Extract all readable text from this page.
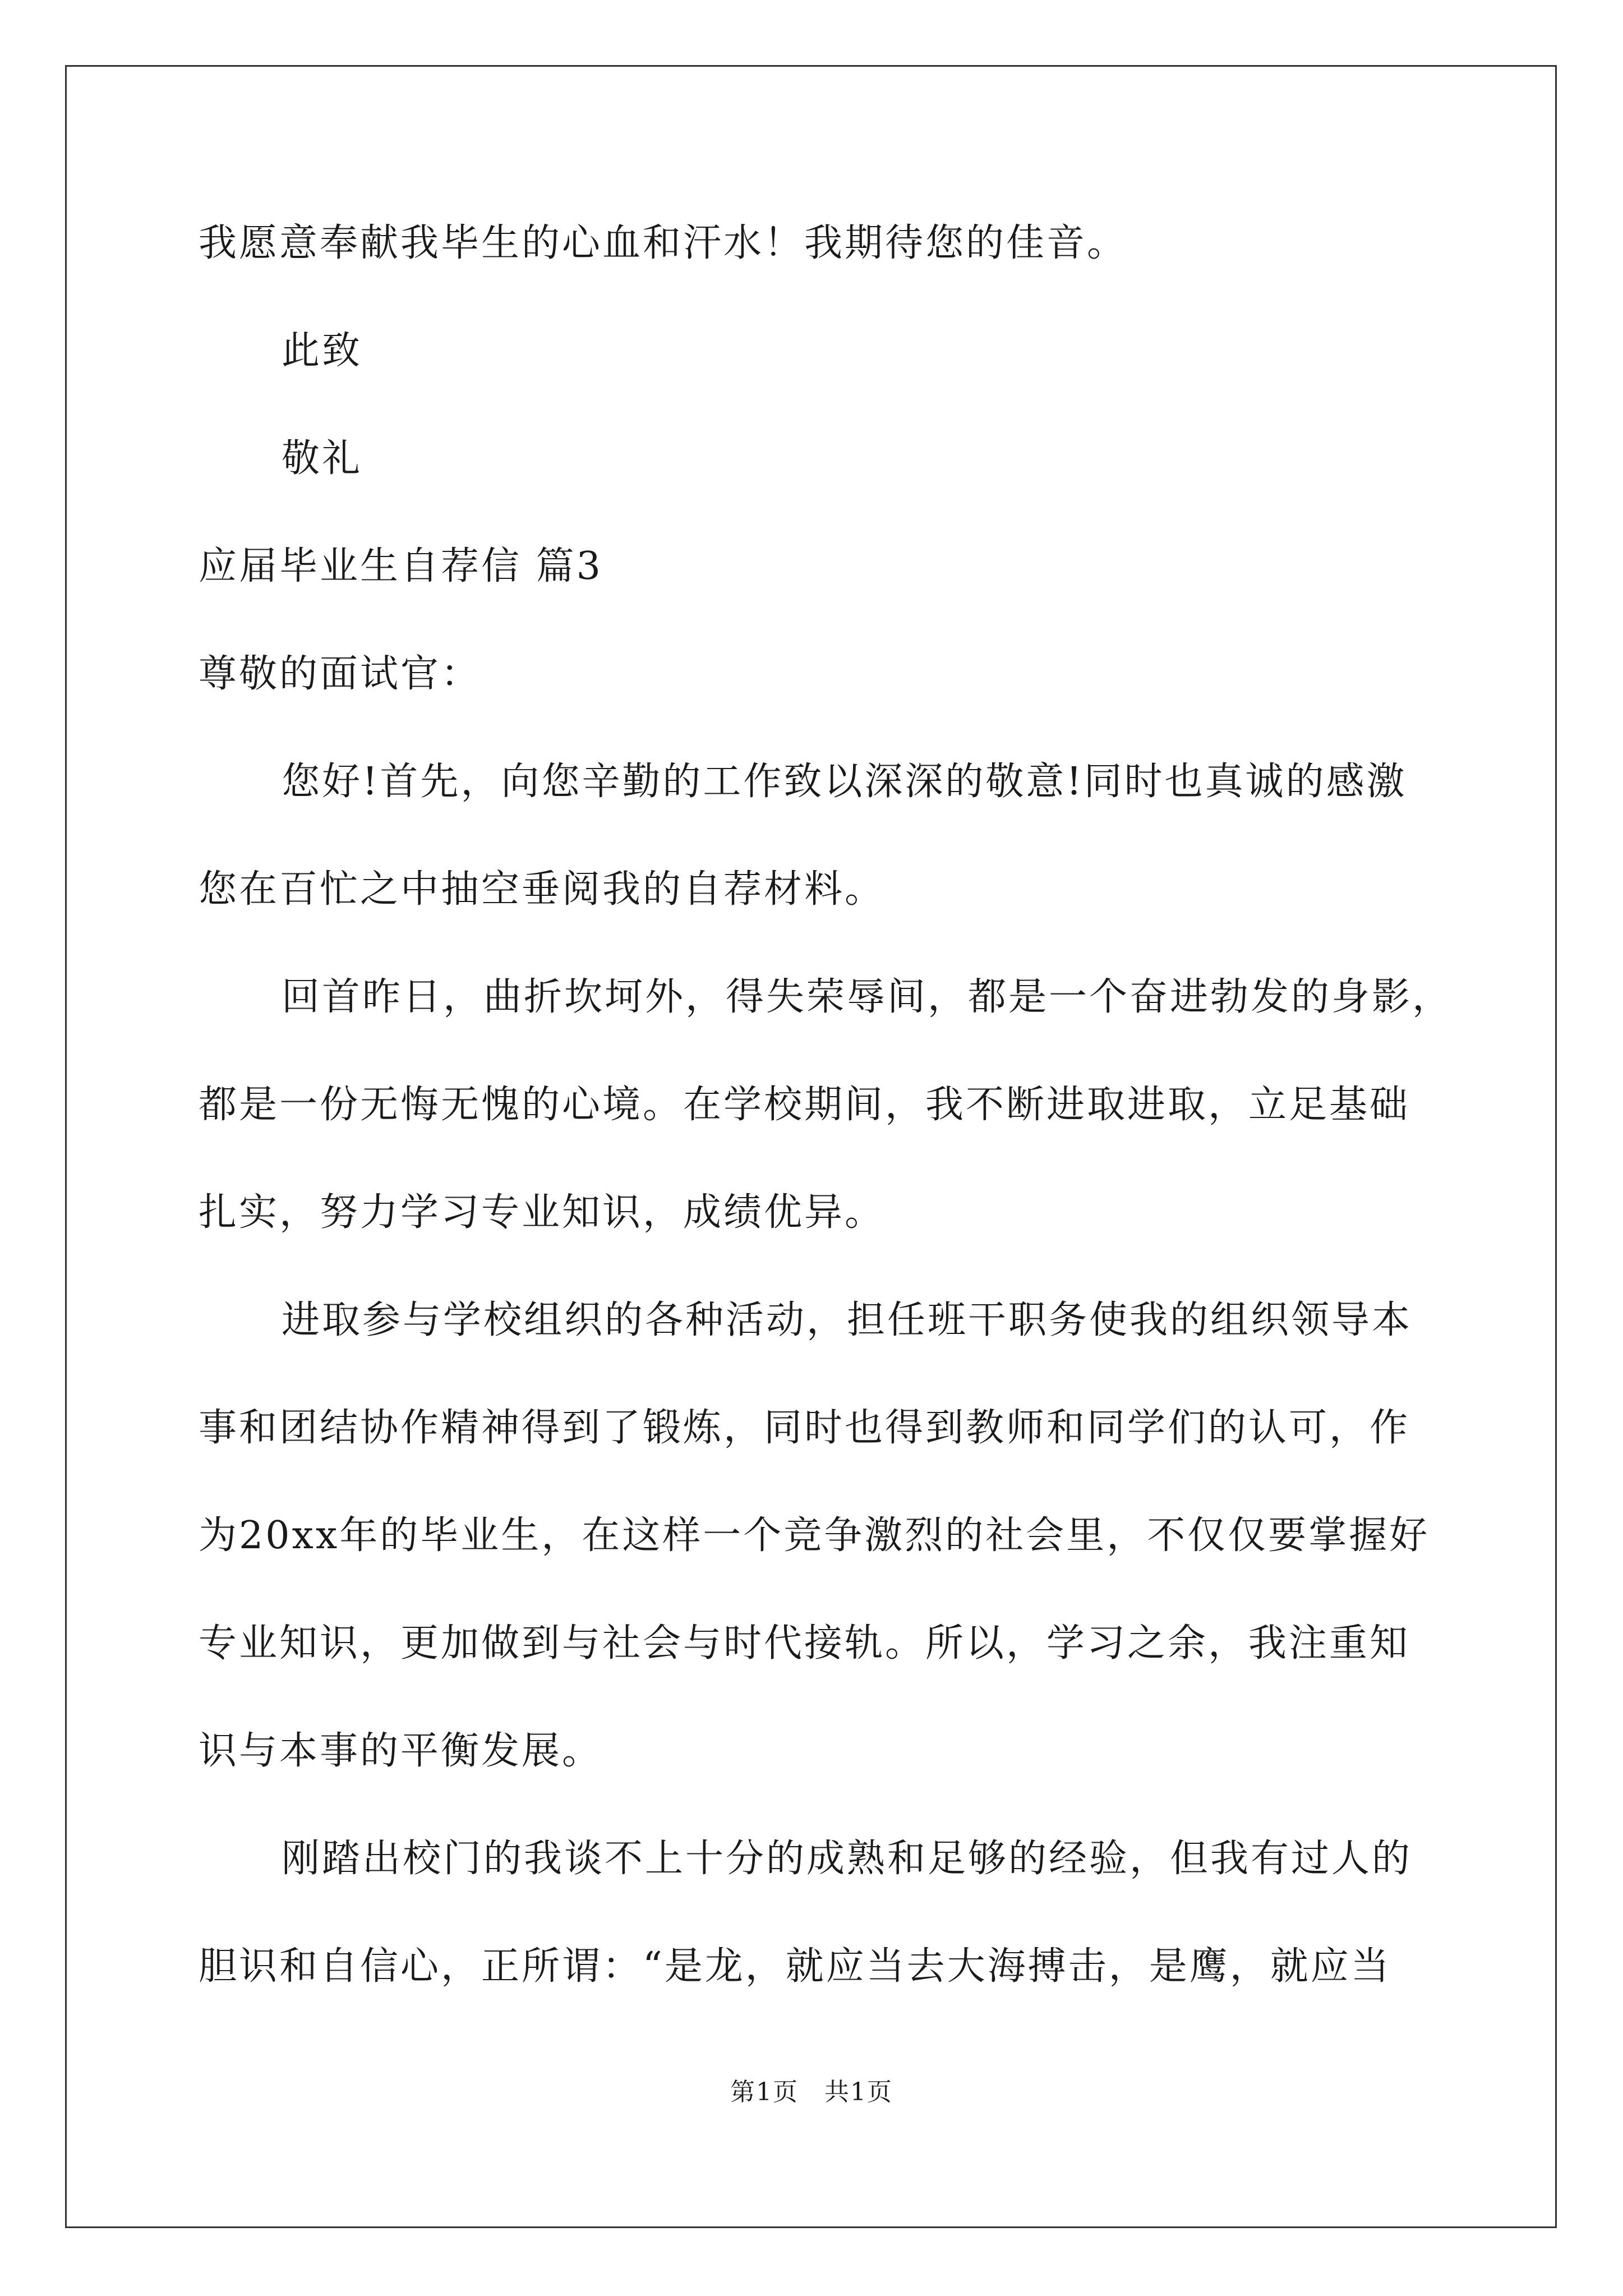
我愿意奉献我毕生的心血和汗水！我期待您的佳音。
此致
敬礼
应届毕业生自荐信 篇3
尊敬的面试官：
您好!首先，向您辛勤的工作致以深深的敬意!同时也真诚的感激
您在百忙之中抽空垂阅我的自荐材料。
回首昨日，曲折坎坷外，得失荣辱间，都是一个奋进勃发的身影，
都是一份无悔无愧的心境。在学校期间，我不断进取进取，立足基础
扎实，努力学习专业知识，成绩优异。
进取参与学校组织的各种活动，担任班干职务使我的组织领导本
事和团结协作精神得到了锻炼，同时也得到教师和同学们的认可，作
为20xx年的毕业生，在这样一个竞争激烈的社会里，不仅仅要掌握好
专业知识，更加做到与社会与时代接轨。所以，学习之余，我注重知
识与本事的平衡发展。
刚踏出校门的我谈不上十分的成熟和足够的经验，但我有过人的
胆识和自信心，正所谓：“是龙，就应当去大海搏击，是鹰，就应当
第1页　共1页
